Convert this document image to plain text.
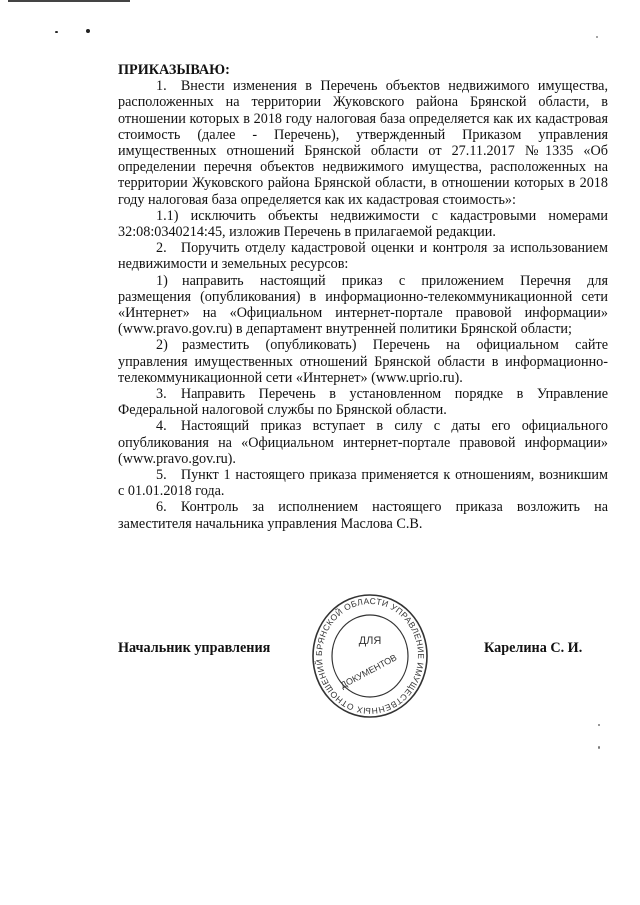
ПРИКАЗЫВАЮ:

1. Внести изменения в Перечень объектов недвижимого имущества, расположенных на территории Жуковского района Брянской области, в отношении которых в 2018 году налоговая база определяется как их кадастровая стоимость (далее - Перечень), утвержденный Приказом управления имущественных отношений Брянской области от 27.11.2017 №1335 «Об определении перечня объектов недвижимого имущества, расположенных на территории Жуковского района Брянской области, в отношении которых в 2018 году налоговая база определяется как их кадастровая стоимость»:

1.1) исключить объекты недвижимости с кадастровыми номерами 32:08:0340214:45, изложив Перечень в прилагаемой редакции.

2. Поручить отделу кадастровой оценки и контроля за использованием недвижимости и земельных ресурсов:

1) направить настоящий приказ с приложением Перечня для размещения (опубликования) в информационно-телекоммуникационной сети «Интернет» на «Официальном интернет-портале правовой информации» (www.pravo.gov.ru) в департамент внутренней политики Брянской области;

2) разместить (опубликовать) Перечень на официальном сайте управления имущественных отношений Брянской области в информационно-телекоммуникационной сети «Интернет» (www.uprio.ru).

3. Направить Перечень в установленном порядке в Управление Федеральной налоговой службы по Брянской области.

4. Настоящий приказ вступает в силу с даты его официального опубликования на «Официальном интернет-портале правовой информации» (www.pravo.gov.ru).

5. Пункт 1 настоящего приказа применяется к отношениям, возникшим с 01.01.2018 года.

6. Контроль за исполнением настоящего приказа возложить на заместителя начальника управления Маслова С.В.

Начальник управления	БРЯНСКОЙ ОБЛАСТИ УПРАВЛЕНИЕ ИМУЩЕСТВЕННЫХ ОТНОШЕНИЙ
ДЛЯ
ДОКУМЕНТОВ
Карелина С. И.
